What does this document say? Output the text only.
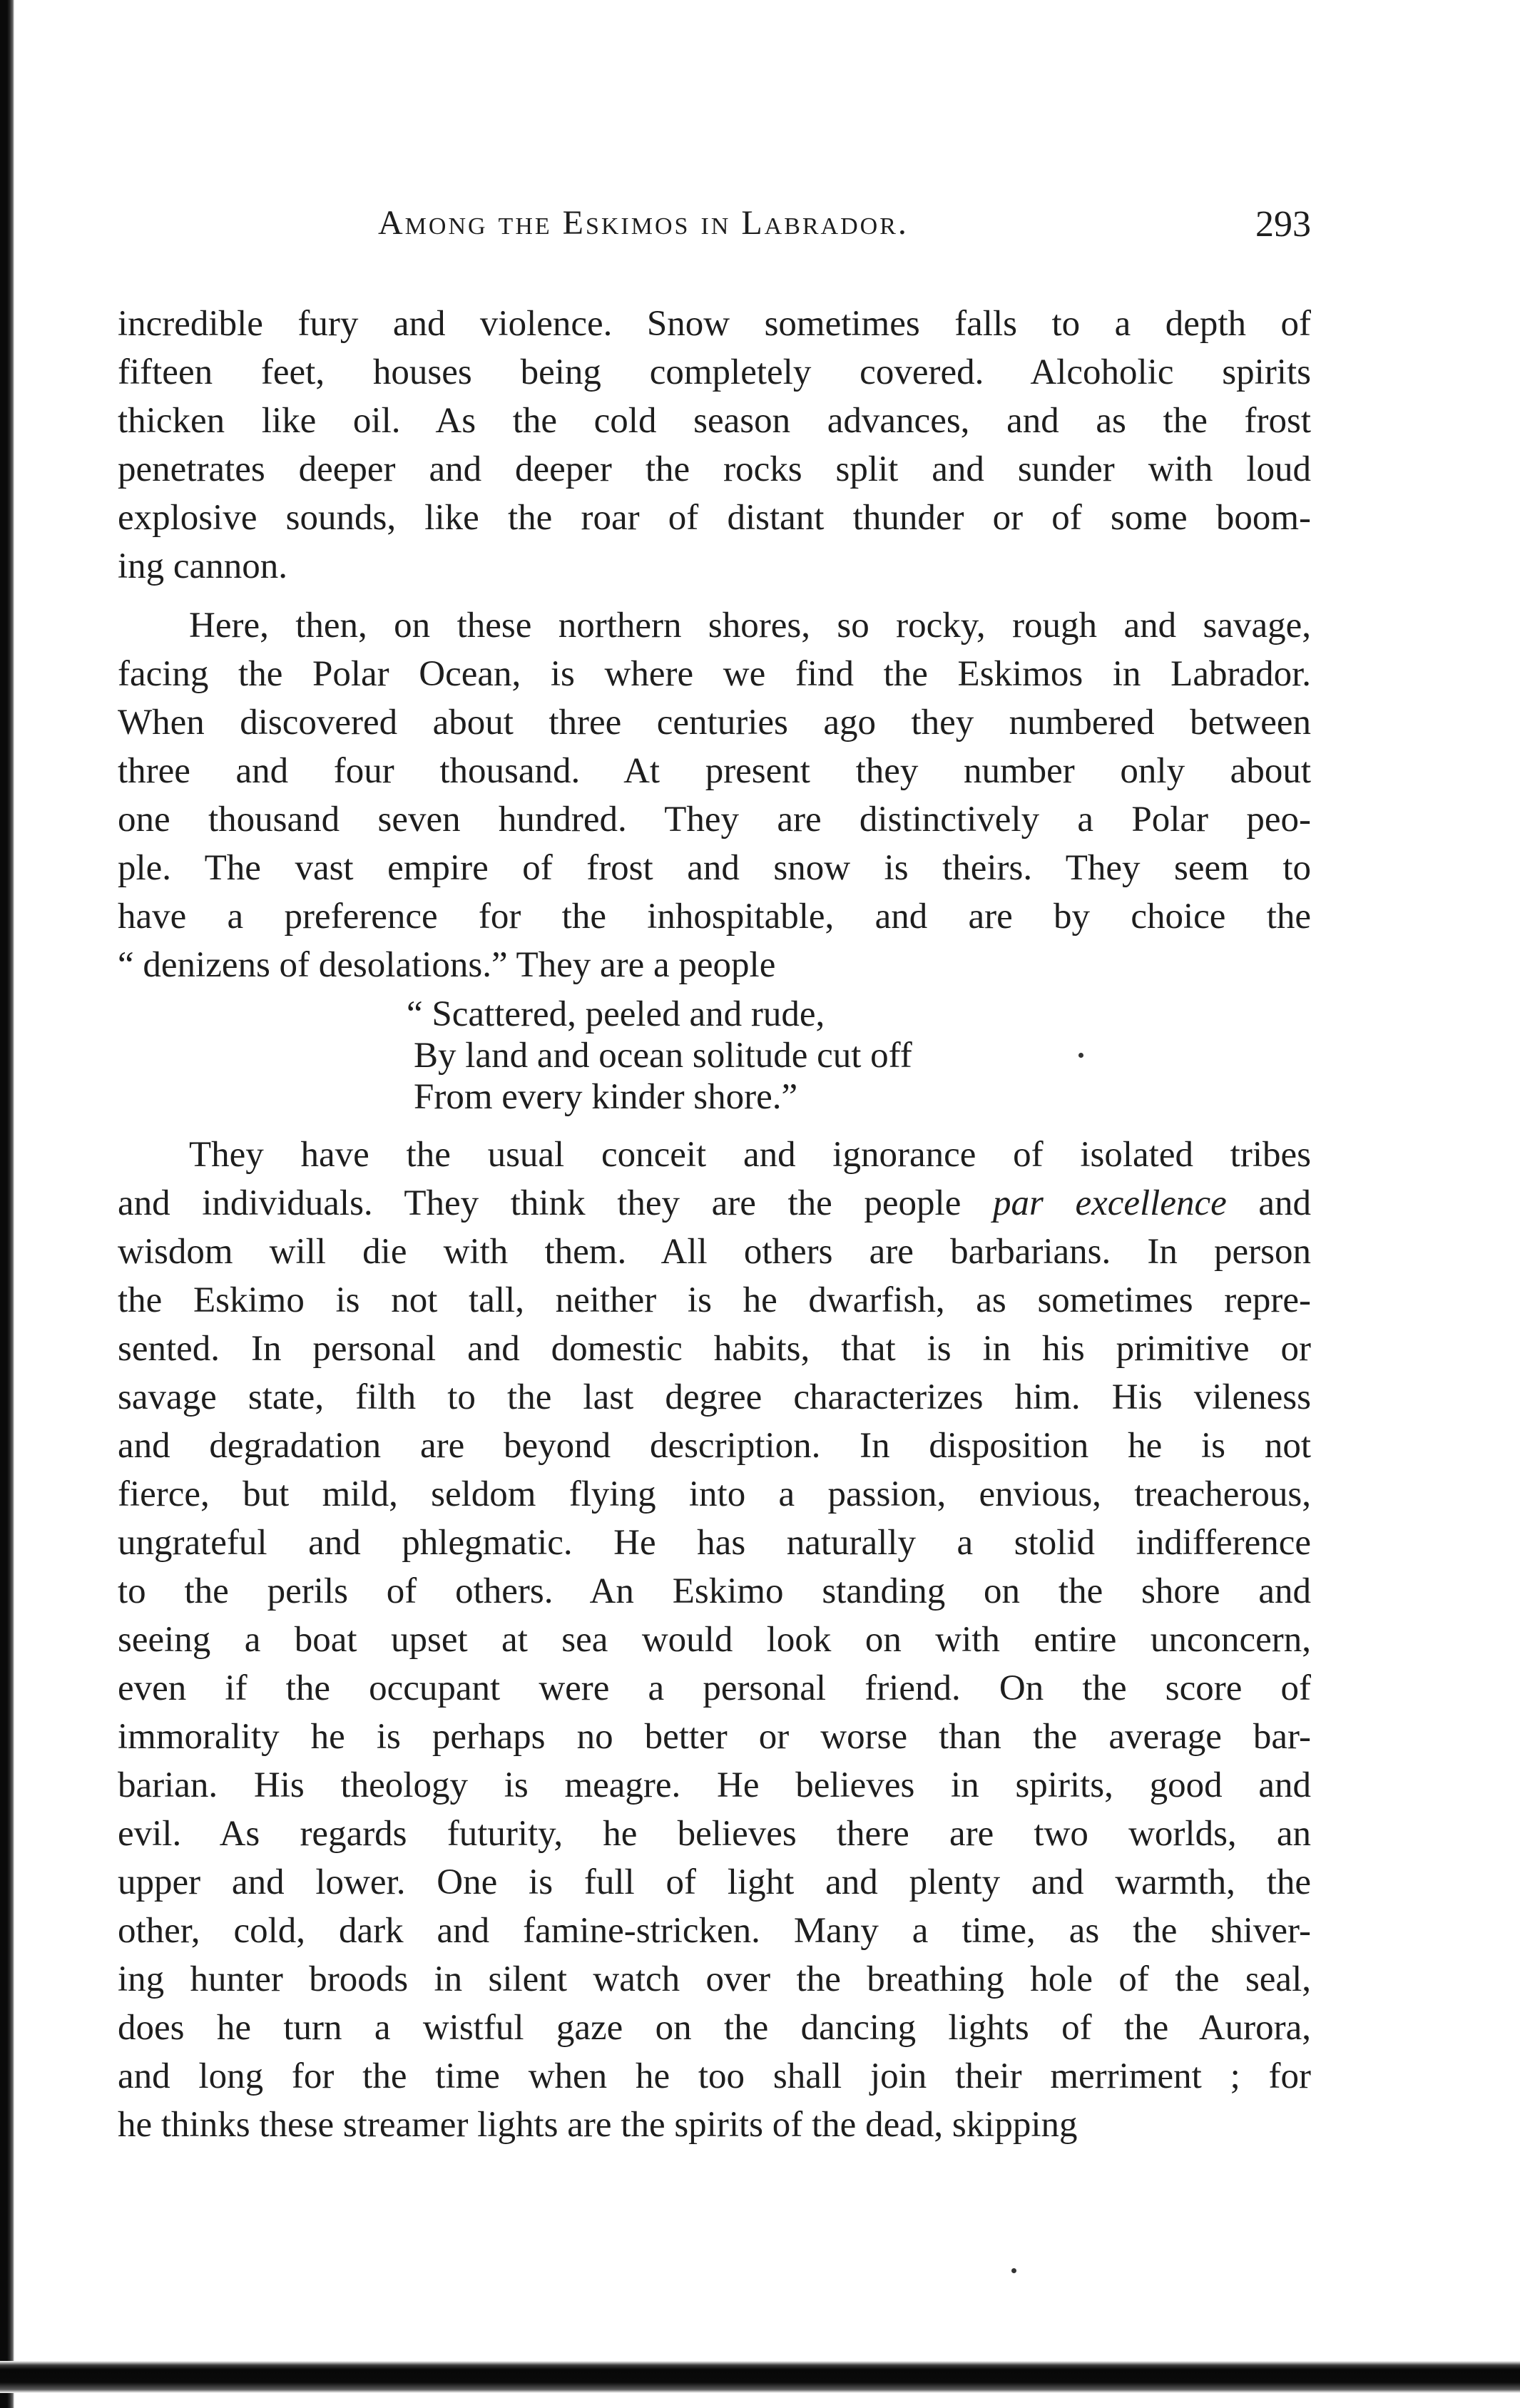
Among the Eskimos in Labrador.	293
incredible fury and violence. Snow sometimes falls to a depth of
fifteen feet, houses being completely covered. Alcoholic spirits
thicken like oil. As the cold season advances, and as the frost
penetrates deeper and deeper the rocks split and sunder with loud
explosive sounds, like the roar of distant thunder or of some boom-
ing cannon.
Here, then, on these northern shores, so rocky, rough and savage,
facing the Polar Ocean, is where we find the Eskimos in Labrador.
When discovered about three centuries ago they numbered between
three and four thousand. At present they number only about
one thousand seven hundred. They are distinctively a Polar peo-
ple. The vast empire of frost and snow is theirs. They seem to
have a preference for the inhospitable, and are by choice the
“ denizens of desolations.” They are a people
“ Scattered, peeled and rude,
By land and ocean solitude cut off
From every kinder shore.”
They have the usual conceit and ignorance of isolated tribes
and individuals. They think they are the people par excellence and
wisdom will die with them. All others are barbarians. In person
the Eskimo is not tall, neither is he dwarfish, as sometimes repre-
sented. In personal and domestic habits, that is in his primitive or
savage state, filth to the last degree characterizes him. His vileness
and degradation are beyond description. In disposition he is not
fierce, but mild, seldom flying into a passion, envious, treacherous,
ungrateful and phlegmatic. He has naturally a stolid indifference
to the perils of others. An Eskimo standing on the shore and
seeing a boat upset at sea would look on with entire unconcern,
even if the occupant were a personal friend. On the score of
immorality he is perhaps no better or worse than the average bar-
barian. His theology is meagre. He believes in spirits, good and
evil. As regards futurity, he believes there are two worlds, an
upper and lower. One is full of light and plenty and warmth, the
other, cold, dark and famine-stricken. Many a time, as the shiver-
ing hunter broods in silent watch over the breathing hole of the seal,
does he turn a wistful gaze on the dancing lights of the Aurora,
and long for the time when he too shall join their merriment ; for
he thinks these streamer lights are the spirits of the dead, skipping
